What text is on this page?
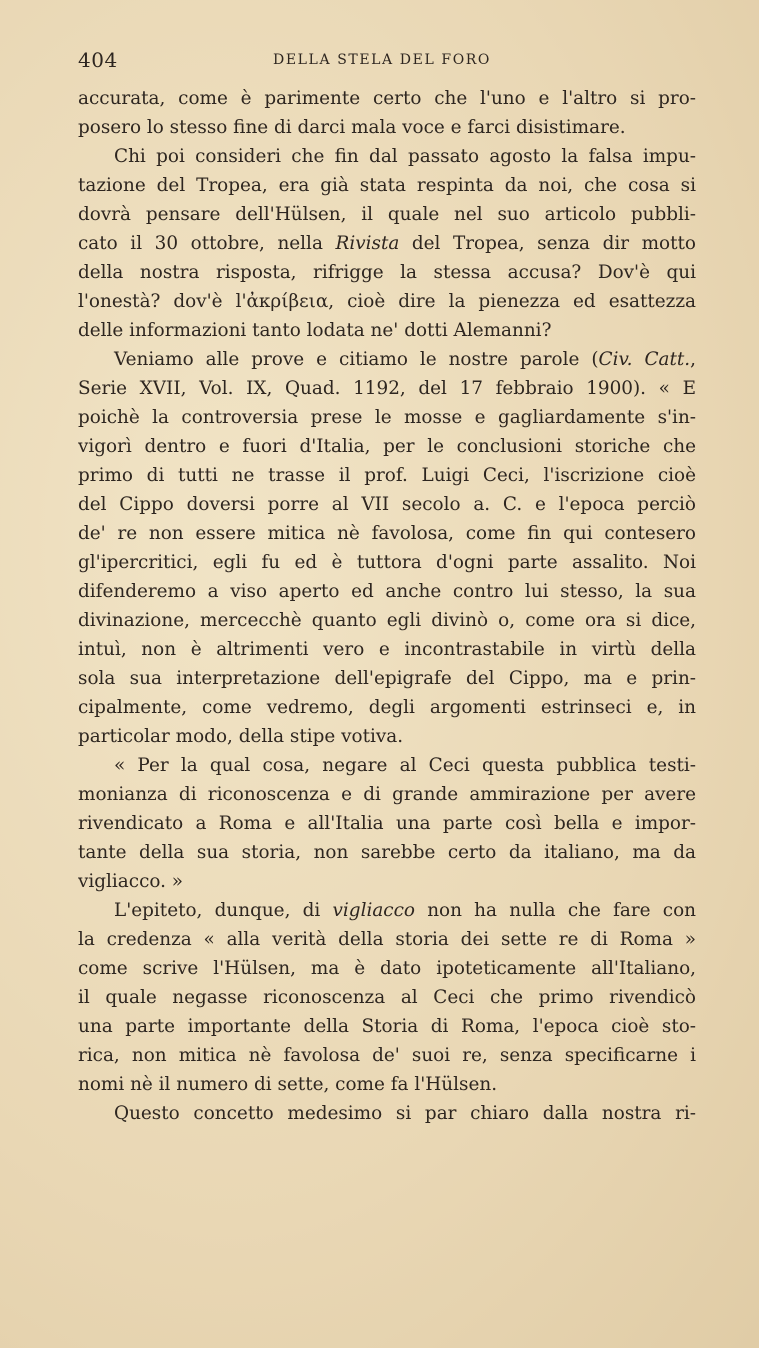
404	DELLA STELA DEL FORO
accurata, come è parimente certo che l'uno e l'altro si pro-
posero lo stesso fine di darci mala voce e farci disistimare.
Chi poi consideri che fin dal passato agosto la falsa impu-
tazione del Tropea, era già stata respinta da noi, che cosa si
dovrà pensare dell'Hülsen, il quale nel suo articolo pubbli-
cato il 30 ottobre, nella Rivista del Tropea, senza dir motto
della nostra risposta, rifrigge la stessa accusa? Dov'è qui
l'onestà? dov'è l'ἀκρίβεια, cioè dire la pienezza ed esattezza
delle informazioni tanto lodata ne' dotti Alemanni?
Veniamo alle prove e citiamo le nostre parole (Civ. Catt.,
Serie XVII, Vol. IX, Quad. 1192, del 17 febbraio 1900). « E
poichè la controversia prese le mosse e gagliardamente s'in-
vigorì dentro e fuori d'Italia, per le conclusioni storiche che
primo di tutti ne trasse il prof. Luigi Ceci, l'iscrizione cioè
del Cippo doversi porre al VII secolo a. C. e l'epoca perciò
de' re non essere mitica nè favolosa, come fin qui contesero
gl'ipercritici, egli fu ed è tuttora d'ogni parte assalito. Noi
difenderemo a viso aperto ed anche contro lui stesso, la sua
divinazione, mercecchè quanto egli divinò o, come ora si dice,
intuì, non è altrimenti vero e incontrastabile in virtù della
sola sua interpretazione dell'epigrafe del Cippo, ma e prin-
cipalmente, come vedremo, degli argomenti estrinseci e, in
particolar modo, della stipe votiva.
« Per la qual cosa, negare al Ceci questa pubblica testi-
monianza di riconoscenza e di grande ammirazione per avere
rivendicato a Roma e all'Italia una parte così bella e impor-
tante della sua storia, non sarebbe certo da italiano, ma da
vigliacco. »
L'epiteto, dunque, di vigliacco non ha nulla che fare con
la credenza « alla verità della storia dei sette re di Roma »
come scrive l'Hülsen, ma è dato ipoteticamente all'Italiano,
il quale negasse riconoscenza al Ceci che primo rivendicò
una parte importante della Storia di Roma, l'epoca cioè sto-
rica, non mitica nè favolosa de' suoi re, senza specificarne i
nomi nè il numero di sette, come fa l'Hülsen.
Questo concetto medesimo si par chiaro dalla nostra ri-
